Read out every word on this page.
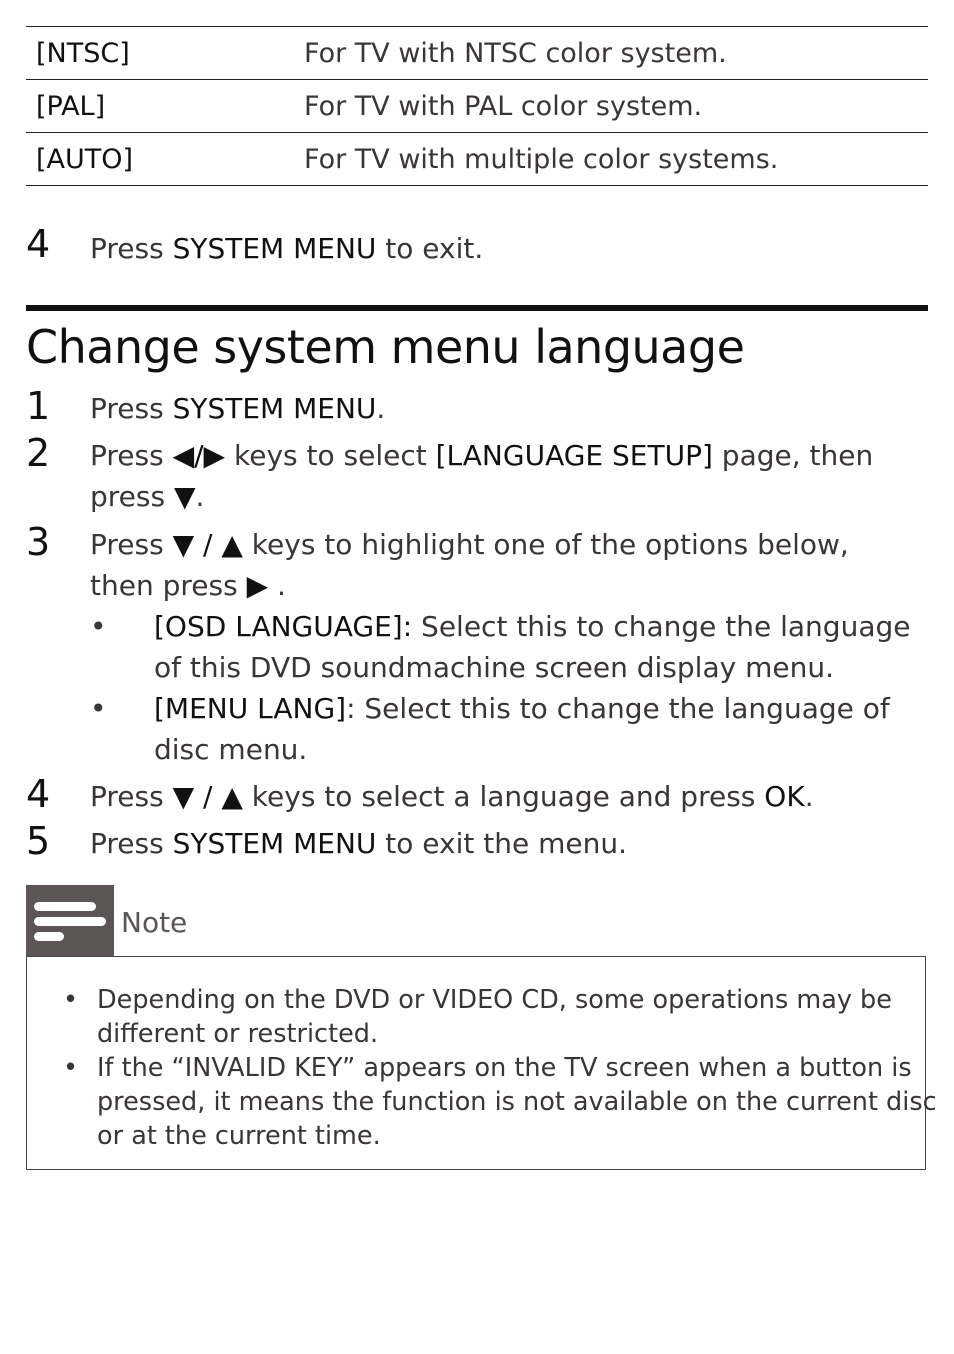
[NTSC]	For TV with NTSC color system.
[PAL]	For TV with PAL color system.
[AUTO]	For TV with multiple color systems.
4 Press SYSTEM MENU to exit.
Change system menu language
1 Press SYSTEM MENU.
2 Press ◀/▶ keys to select [LANGUAGE SETUP] page, then press ▼.
3 Press ▼ / ▲ keys to highlight one of the options below, then press ▶ .
• [OSD LANGUAGE]: Select this to change the language of this DVD soundmachine screen display menu.
• [MENU LANG]: Select this to change the language of disc menu.
4 Press ▼ / ▲ keys to select a language and press OK.
5 Press SYSTEM MENU to exit the menu.
Note
• Depending on the DVD or VIDEO CD, some operations may be different or restricted.
• If the “INVALID KEY” appears on the TV screen when a button is pressed, it means the function is not available on the current disc or at the current time.
